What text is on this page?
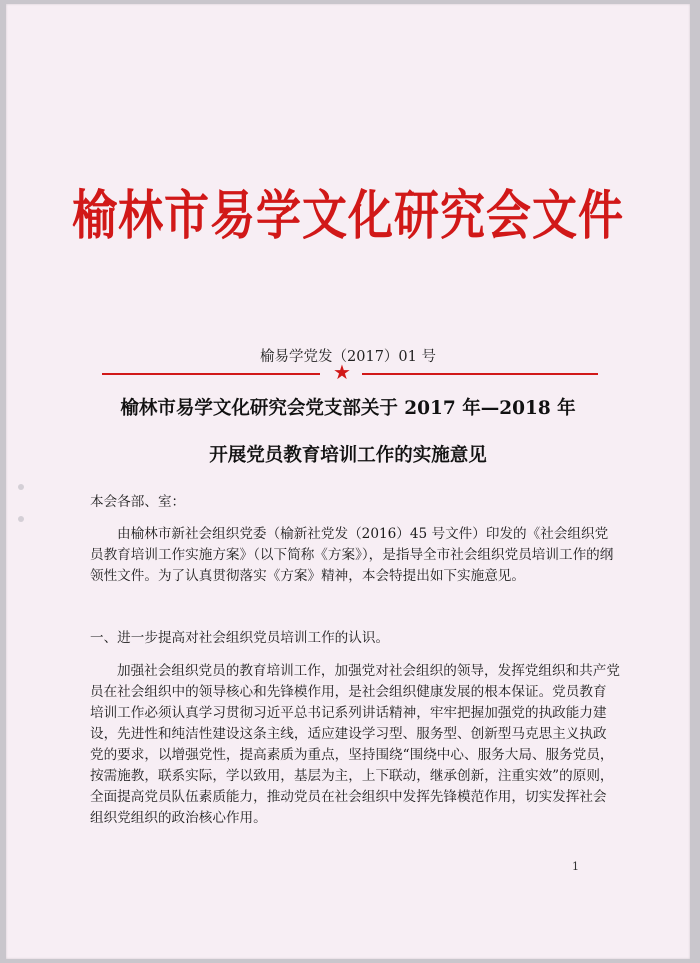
榆林市易学文化研究会文件
榆易学党发（2017）01 号
★
榆林市易学文化研究会党支部关于 2017 年—2018 年
开展党员教育培训工作的实施意见
本会各部、室：
由榆林市新社会组织党委（榆新社党发（2016）45 号文件）印发的《社会组织党员教育培训工作实施方案》（以下简称《方案》），是指导全市社会组织党员培训工作的纲领性文件。为了认真贯彻落实《方案》精神，本会特提出如下实施意见。
一、进一步提高对社会组织党员培训工作的认识。
加强社会组织党员的教育培训工作，加强党对社会组织的领导，发挥党组织和共产党员在社会组织中的领导核心和先锋模作用，是社会组织健康发展的根本保证。党员教育培训工作必须认真学习贯彻习近平总书记系列讲话精神，牢牢把握加强党的执政能力建设，先进性和纯洁性建设这条主线，适应建设学习型、服务型、创新型马克思主义执政党的要求，以增强党性，提高素质为重点，坚持围绕“围绕中心、服务大局、服务党员，按需施教，联系实际，学以致用，基层为主，上下联动，继承创新，注重实效”的原则，全面提高党员队伍素质能力，推动党员在社会组织中发挥先锋模范作用，切实发挥社会组织党组织的政治核心作用。
1
